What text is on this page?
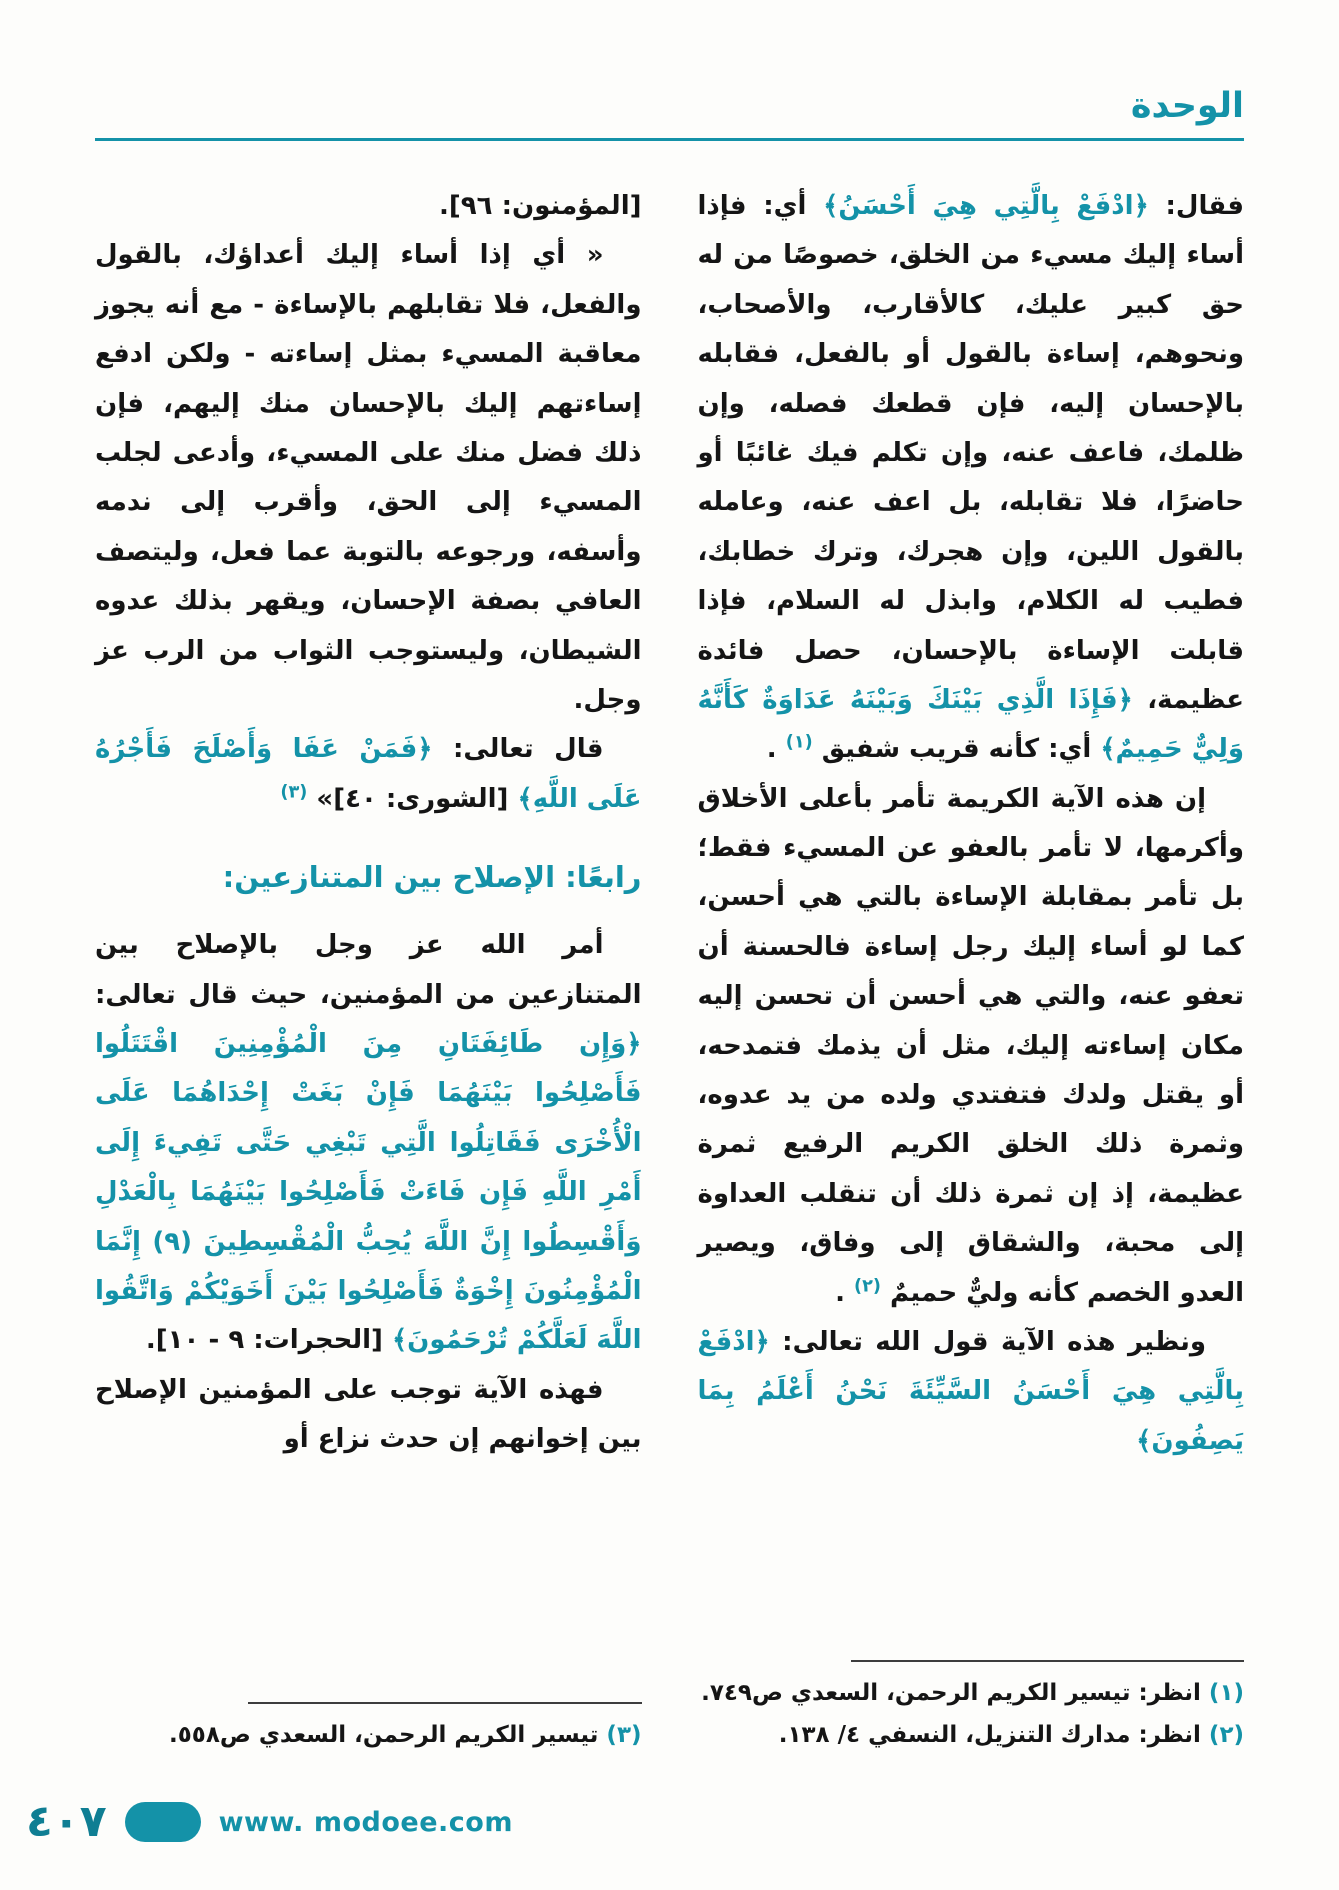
الوحدة

فقال: ﴿ادْفَعْ بِالَّتِي هِيَ أَحْسَنُ﴾ أي: فإذا أساء إليك مسيء من الخلق، خصوصًا من له حق كبير عليك، كالأقارب، والأصحاب، ونحوهم، إساءة بالقول أو بالفعل، فقابله بالإحسان إليه، فإن قطعك فصله، وإن ظلمك، فاعف عنه، وإن تكلم فيك غائبًا أو حاضرًا، فلا تقابله، بل اعف عنه، وعامله بالقول اللين، وإن هجرك، وترك خطابك، فطيب له الكلام، وابذل له السلام، فإذا قابلت الإساءة بالإحسان، حصل فائدة عظيمة، ﴿فَإِذَا الَّذِي بَيْنَكَ وَبَيْنَهُ عَدَاوَةٌ كَأَنَّهُ وَلِيٌّ حَمِيمٌ﴾ أي: كأنه قريب شفيق $^{(١)}$ .

إن هذه الآية الكريمة تأمر بأعلى الأخلاق وأكرمها، لا تأمر بالعفو عن المسيء فقط؛ بل تأمر بمقابلة الإساءة بالتي هي أحسن، كما لو أساء إليك رجل إساءة فالحسنة أن تعفو عنه، والتي هي أحسن أن تحسن إليه مكان إساءته إليك، مثل أن يذمك فتمدحه، أو يقتل ولدك فتفتدي ولده من يد عدوه، وثمرة ذلك الخلق الكريم الرفيع ثمرة عظيمة، إذ إن ثمرة ذلك أن تنقلب العداوة إلى محبة، والشقاق إلى وفاق، ويصير العدو الخصم كأنه وليٌّ حميمٌ $^{(٢)}$ .

ونظير هذه الآية قول الله تعالى: ﴿ادْفَعْ بِالَّتِي هِيَ أَحْسَنُ السَّيِّئَةَ نَحْنُ أَعْلَمُ بِمَا يَصِفُونَ﴾

(١) انظر: تيسير الكريم الرحمن، السعدي ص٧٤٩.
(٢) انظر: مدارك التنزيل، النسفي ٤/ ١٣٨.

[المؤمنون: ٩٦].

« أي إذا أساء إليك أعداؤك، بالقول والفعل، فلا تقابلهم بالإساءة - مع أنه يجوز معاقبة المسيء بمثل إساءته - ولكن ادفع إساءتهم إليك بالإحسان منك إليهم، فإن ذلك فضل منك على المسيء، وأدعى لجلب المسيء إلى الحق، وأقرب إلى ندمه وأسفه، ورجوعه بالتوبة عما فعل، وليتصف العافي بصفة الإحسان، ويقهر بذلك عدوه الشيطان، وليستوجب الثواب من الرب عز وجل.

قال تعالى: ﴿فَمَنْ عَفَا وَأَصْلَحَ فَأَجْرُهُ عَلَى اللَّهِ﴾ [الشورى: ٤٠]» $^{(٣)}$

رابعًا: الإصلاح بين المتنازعين:

أمر الله عز وجل بالإصلاح بين المتنازعين من المؤمنين، حيث قال تعالى: ﴿وَإِن طَائِفَتَانِ مِنَ الْمُؤْمِنِينَ اقْتَتَلُوا فَأَصْلِحُوا بَيْنَهُمَا فَإِنْ بَغَتْ إِحْدَاهُمَا عَلَى الْأُخْرَى فَقَاتِلُوا الَّتِي تَبْغِي حَتَّى تَفِيءَ إِلَى أَمْرِ اللَّهِ فَإِن فَاءَتْ فَأَصْلِحُوا بَيْنَهُمَا بِالْعَدْلِ وَأَقْسِطُوا إِنَّ اللَّهَ يُحِبُّ الْمُقْسِطِينَ (٩) إِنَّمَا الْمُؤْمِنُونَ إِخْوَةٌ فَأَصْلِحُوا بَيْنَ أَخَوَيْكُمْ وَاتَّقُوا اللَّهَ لَعَلَّكُمْ تُرْحَمُونَ﴾ [الحجرات: ٩ - ١٠].

فهذه الآية توجب على المؤمنين الإصلاح بين إخوانهم إن حدث نزاع أو

(٣) تيسير الكريم الرحمن، السعدي ص٥٥٨.
٤٠٧	www. modoee.com
